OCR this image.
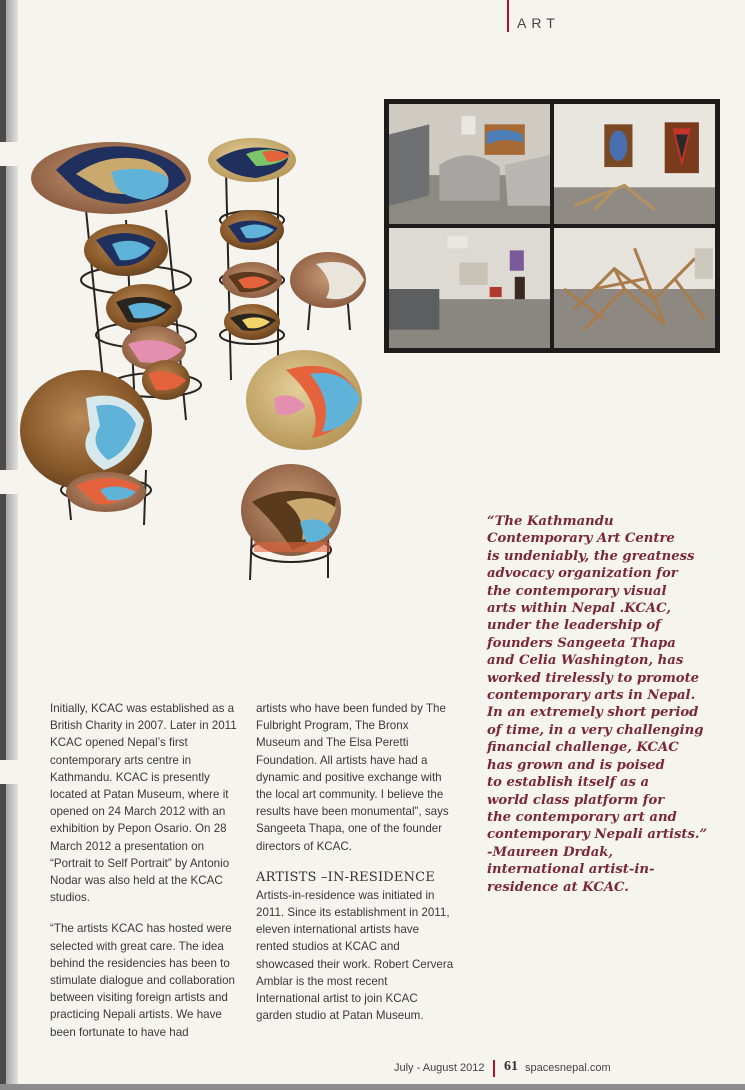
ART

“The Kathmandu

Contemporary Art Centre

is undeniably, the greatness

advocacy organization for

the contemporary visual

arts within Nepal .KCAC,

under the leadership of

founders Sangeeta Thapa

and Celia Washington, has

worked tirelessly to promote

contemporary arts in Nepal.

In an extremely short period

of time, in a very challenging

financial challenge, KCAC

has grown and is poised

to establish itself as a

world class platform for

the contemporary art and

contemporary Nepali artists.”

-Maureen Drdak,

international artist-in-

residence at KCAC.

Initially, KCAC was established as a British Charity in 2007. Later in 2011 KCAC opened Nepal’s first contemporary arts centre in Kathmandu. KCAC is presently located at Patan Museum, where it opened on 24 March 2012 with an exhibition by Pepon Osario. On 28 March 2012 a presentation on “Portrait to Self Portrait” by Antonio Nodar was also held at the KCAC studios.

“The artists KCAC has hosted were selected with great care. The idea behind the residencies has been to stimulate dialogue and collaboration between visiting foreign artists and practicing Nepali artists. We have been fortunate to have had

artists who have been funded by The Fulbright Program, The Bronx Museum and The Elsa Peretti Foundation. All artists have had a dynamic and positive exchange with the local art community. I believe the results have been monumental”, says Sangeeta Thapa, one of the founder directors of KCAC.

ARTISTS –IN-RESIDENCE

Artists-in-residence was initiated in 2011. Since its establishment in 2011, eleven international artists have rented studios at KCAC and showcased their work. Robert Cervera Amblar is the most recent International artist to join KCAC garden studio at Patan Museum.

July - August 2012 61 spacesnepal.com
